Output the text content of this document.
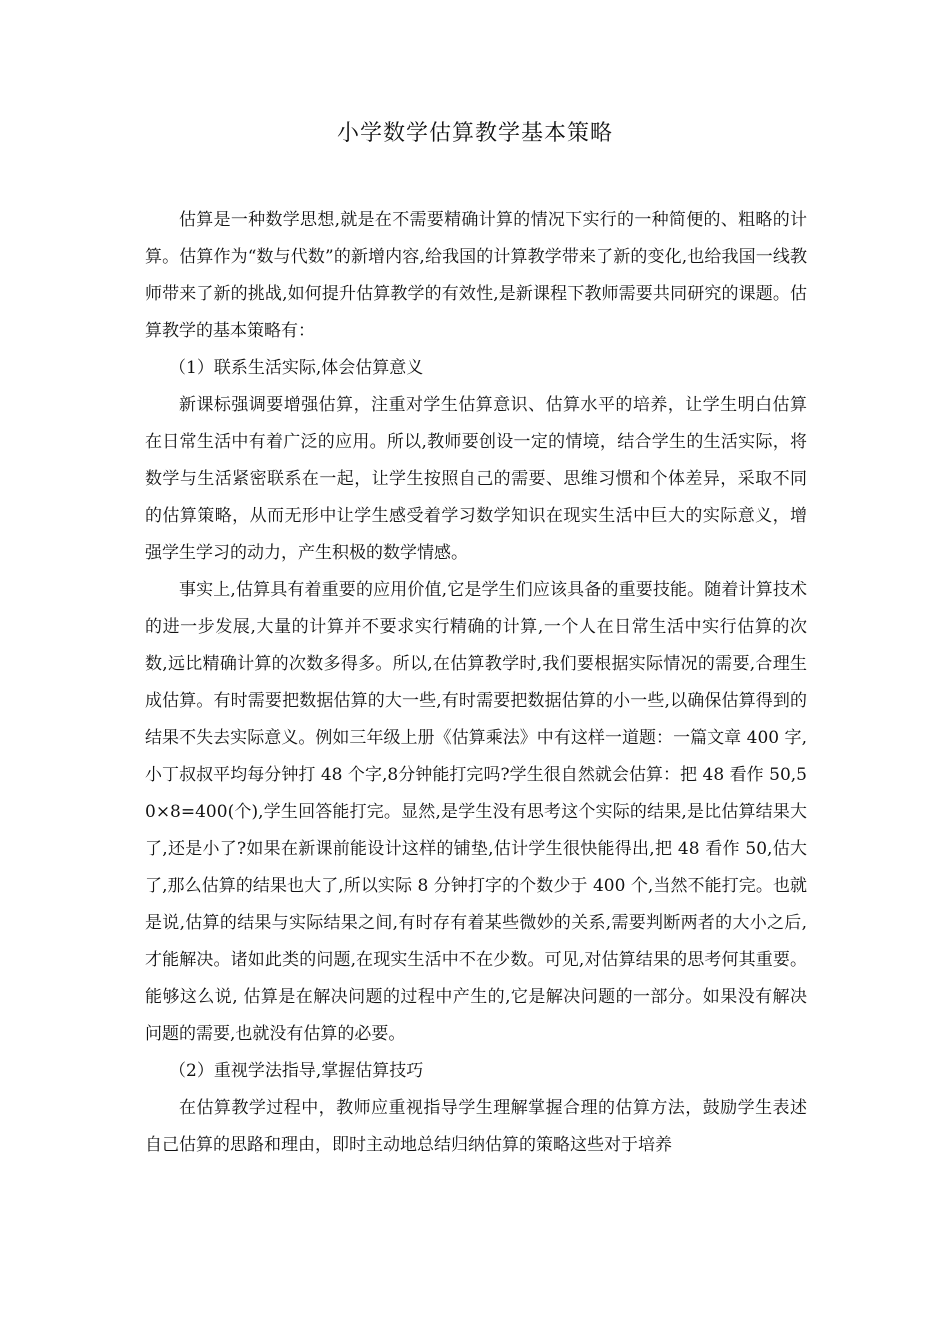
小学数学估算教学基本策略

估算是一种数学思想,就是在不需要精确计算的情况下实行的一种简便的、粗略的计算。估算作为“数与代数”的新增内容,给我国的计算教学带来了新的变化,也给我国一线教师带来了新的挑战,如何提升估算教学的有效性,是新课程下教师需要共同研究的课题。估算教学的基本策略有：

（1）联系生活实际,体会估算意义

新课标强调要增强估算，注重对学生估算意识、估算水平的培养，让学生明白估算在日常生活中有着广泛的应用。所以,教师要创设一定的情境，结合学生的生活实际，将数学与生活紧密联系在一起，让学生按照自己的需要、思维习惯和个体差异，采取不同的估算策略，从而无形中让学生感受着学习数学知识在现实生活中巨大的实际意义，增强学生学习的动力，产生积极的数学情感。

事实上,估算具有着重要的应用价值,它是学生们应该具备的重要技能。随着计算技术的进一步发展,大量的计算并不要求实行精确的计算,一个人在日常生活中实行估算的次数,远比精确计算的次数多得多。所以,在估算教学时,我们要根据实际情况的需要,合理生成估算。有时需要把数据估算的大一些,有时需要把数据估算的小一些,以确保估算得到的结果不失去实际意义。例如三年级上册《估算乘法》中有这样一道题：一篇文章 400 字,小丁叔叔平均每分钟打 48 个字,8分钟能打完吗?学生很自然就会估算：把 48 看作 50,50×8=400(个),学生回答能打完。显然,是学生没有思考这个实际的结果,是比估算结果大了,还是小了?如果在新课前能设计这样的铺垫,估计学生很快能得出,把 48 看作 50,估大了,那么估算的结果也大了,所以实际 8 分钟打字的个数少于 400 个,当然不能打完。也就是说,估算的结果与实际结果之间,有时存有着某些微妙的关系,需要判断两者的大小之后,才能解决。诸如此类的问题,在现实生活中不在少数。可见,对估算结果的思考何其重要。能够这么说, 估算是在解决问题的过程中产生的,它是解决问题的一部分。如果没有解决问题的需要,也就没有估算的必要。

（2）重视学法指导,掌握估算技巧

在估算教学过程中，教师应重视指导学生理解掌握合理的估算方法，鼓励学生表述自己估算的思路和理由，即时主动地总结归纳估算的策略这些对于培养
